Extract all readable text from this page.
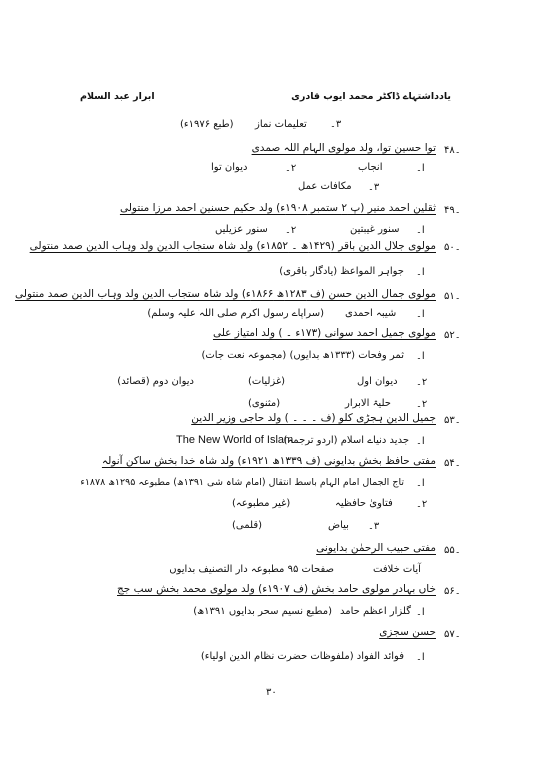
یادداشتہاے ڈاکٹر محمد ایوب قادری
ابرار عبد السلام
۳۔
تعلیمات نماز
(طبع ۱۹۷۶ء)
۴۸۔
توا حسین توا، ولد مولوی الہام اللہ صمدی
ا۔
انجاب
۲۔
دیوان توا
۳۔
مکافات عمل
۴۹۔
ثقلین احمد منیر (پ ۲ ستمبر ۱۹۰۸ء) ولد حکیم حسنین احمد مرزا منتولی
ا۔
سنور غیبتین
۲۔
سنور عزیلیں
۵۰۔
مولوی جلال الدین باقر (۱۴۲۹ھ ۔ ۱۸۵۲ء) ولد شاہ ستجاب الدین ولد وہاب الدین صمد منتولی
ا۔
جواہر المواعظ (یادگار باقری)
۵۱۔
مولوی جمال الدین حسن (ف ۱۲۸۳ھ ۱۸۶۶ء) ولد شاہ ستجاب الدین ولد وہاب الدین صمد منتولی
ا۔
شیبہ احمدی
(سراپاے رسول اکرم صلی اللہ علیہ وسلم)
۵۲۔
مولوی جمیل احمد سوانی (۱۷۳ء ۔ ) ولد امتیاز علی
ا۔
ثمر وفحات (۱۳۳۳ھ بدایوں) (مجموعہ نعت جات)
۲۔
دیوان اول
(غزلیات)
دیوان دوم (قصائد)
۲۔
حلیۃ الابرار
(مثنوی)
۵۳۔
جمیل الدین ہجڑی کلو (ف ۔ ۔ ۔ ) ولد حاجی وزیر الدین
ا۔
جدید دنیاے اسلام (اردو ترجمہ)
The New World of Islam
۵۴۔
مفتی حافظ بخش بدایونی (ف ۱۳۳۹ھ ۱۹۲۱ء) ولد شاہ خدا بخش ساکن آنولہ
ا۔
تاج الجمال امام الہام باسط انتقال (امام شاہ شی ۱۳۹۱ھ) مطبوعہ ۱۲۹۵ھ ۱۸۷۸ء
۲۔
فتاویٰ حافظیہ
(غیر مطبوعہ)
۳۔
بیاض
(قلمی)
۵۵۔
مفتی حبیب الرحمٰن بدایونی
آیات خلافت
صفحات ۹۵ مطبوعہ دار التصنیف بدایوں
۵۶۔
خاں بہادر مولوی حامد بخش (ف ۱۹۰۷ء) ولد مولوی محمد بخش سب جج
ا۔
گلزار اعظم حامد
(مطبع نسیم سحر بدایوں ۱۳۹۱ھ)
۵۷۔
حسن سجزی
ا۔
فوائد الفواد (ملفوظات حضرت نظام الدین اولیاء)
۳۰
